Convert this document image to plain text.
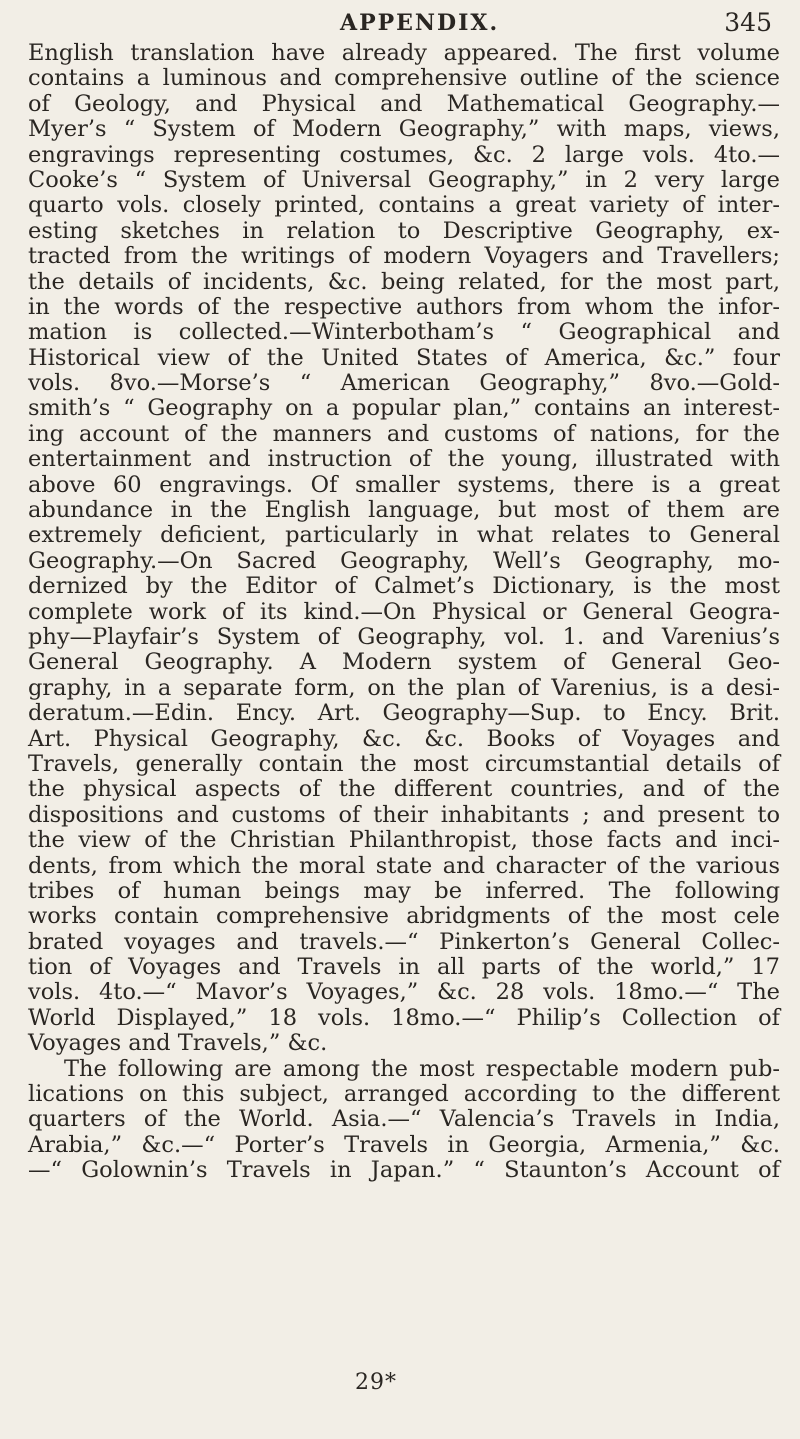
APPENDIX.	345
English translation have already appeared. The first volume
contains a luminous and comprehensive outline of the science
of Geology, and Physical and Mathematical Geography.—
Myer’s “ System of Modern Geography,” with maps, views,
engravings representing costumes, &c. 2 large vols. 4to.—
Cooke’s “ System of Universal Geography,” in 2 very large
quarto vols. closely printed, contains a great variety of inter-
esting sketches in relation to Descriptive Geography, ex-
tracted from the writings of modern Voyagers and Travellers;
the details of incidents, &c. being related, for the most part,
in the words of the respective authors from whom the infor-
mation is collected.—Winterbotham’s “ Geographical and
Historical view of the United States of America, &c.” four
vols. 8vo.—Morse’s “ American Geography,” 8vo.—Gold-
smith’s “ Geography on a popular plan,” contains an interest-
ing account of the manners and customs of nations, for the
entertainment and instruction of the young, illustrated with
above 60 engravings. Of smaller systems, there is a great
abundance in the English language, but most of them are
extremely deficient, particularly in what relates to General
Geography.—On Sacred Geography, Well’s Geography, mo-
dernized by the Editor of Calmet’s Dictionary, is the most
complete work of its kind.—On Physical or General Geogra-
phy—Playfair’s System of Geography, vol. 1. and Varenius’s
General Geography. A Modern system of General Geo-
graphy, in a separate form, on the plan of Varenius, is a desi-
deratum.—Edin. Ency. Art. Geography—Sup. to Ency. Brit.
Art. Physical Geography, &c. &c. Books of Voyages and
Travels, generally contain the most circumstantial details of
the physical aspects of the different countries, and of the
dispositions and customs of their inhabitants ; and present to
the view of the Christian Philanthropist, those facts and inci-
dents, from which the moral state and character of the various
tribes of human beings may be inferred. The following
works contain comprehensive abridgments of the most cele
brated voyages and travels.—“ Pinkerton’s General Collec-
tion of Voyages and Travels in all parts of the world,” 17
vols. 4to.—“ Mavor’s Voyages,” &c. 28 vols. 18mo.—“ The
World Displayed,” 18 vols. 18mo.—“ Philip’s Collection of
Voyages and Travels,” &c.
The following are among the most respectable modern pub-
lications on this subject, arranged according to the different
quarters of the World. Asia.—“ Valencia’s Travels in India,
Arabia,” &c.—“ Porter’s Travels in Georgia, Armenia,” &c.
—“ Golownin’s Travels in Japan.” “ Staunton’s Account of
29*
